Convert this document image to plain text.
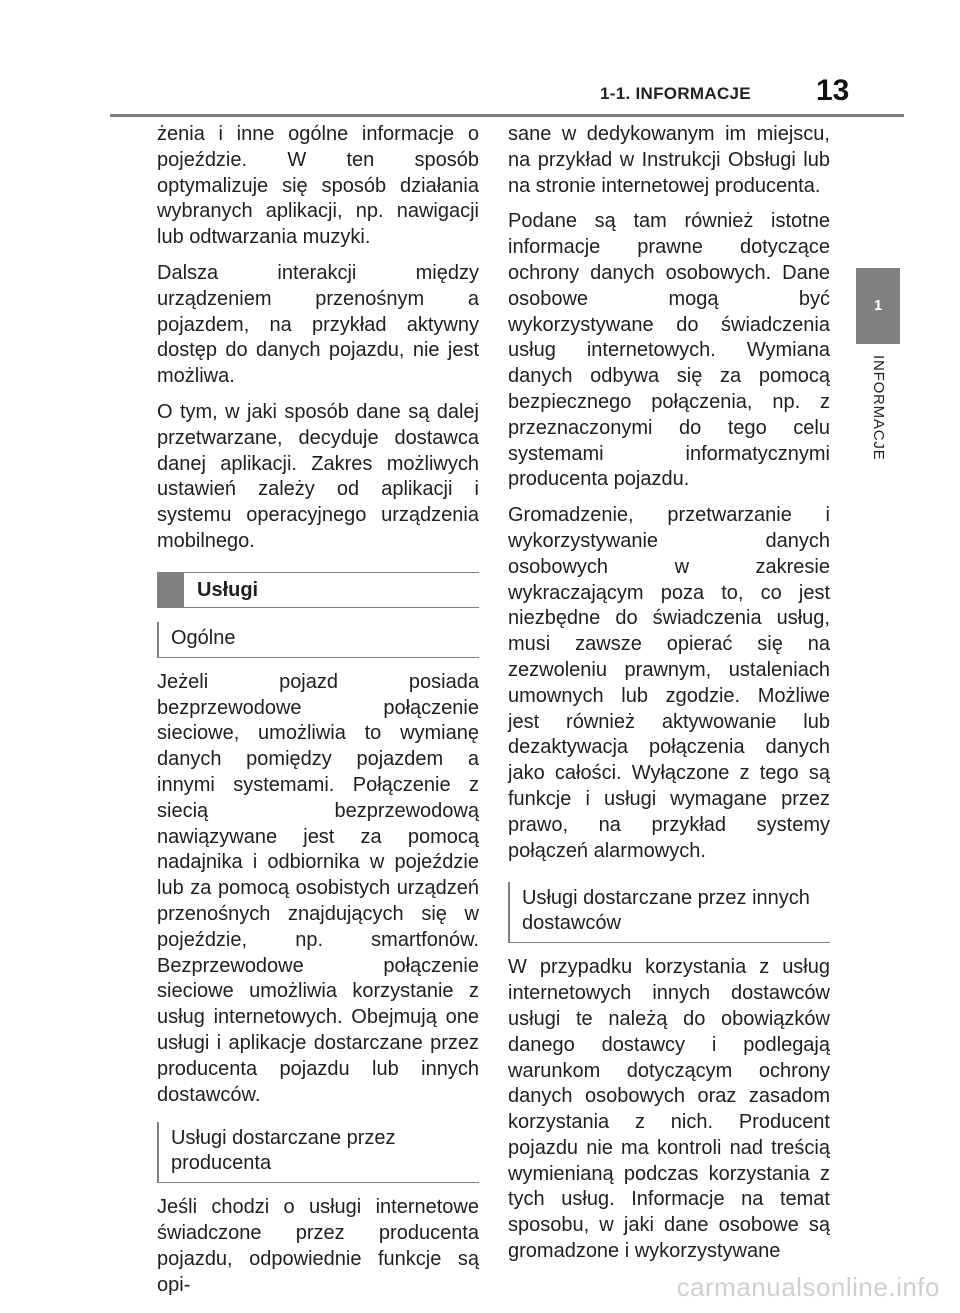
1-1. INFORMACJE 13
1
INFORMACJE

żenia i inne ogólne informacje o pojeździe. W ten sposób optymalizuje się sposób działania wybranych aplikacji, np. nawigacji lub odtwarzania muzyki.

Dalsza interakcji między urządzeniem przenośnym a pojazdem, na przykład aktywny dostęp do danych pojazdu, nie jest możliwa.

O tym, w jaki sposób dane są dalej przetwarzane, decyduje dostawca danej aplikacji. Zakres możliwych ustawień zależy od aplikacji i systemu operacyjnego urządzenia mobilnego.

Usługi
Ogólne

Jeżeli pojazd posiada bezprzewodowe połączenie sieciowe, umożliwia to wymianę danych pomiędzy pojazdem a innymi systemami. Połączenie z siecią bezprzewodową nawiązywane jest za pomocą nadajnika i odbiornika w pojeździe lub za pomocą osobistych urządzeń przenośnych znajdujących się w pojeździe, np. smartfonów. Bezprzewodowe połączenie sieciowe umożliwia korzystanie z usług internetowych. Obejmują one usługi i aplikacje dostarczane przez producenta pojazdu lub innych dostawców.

Usługi dostarczane przez producenta

Jeśli chodzi o usługi internetowe świadczone przez producenta pojazdu, odpowiednie funkcje są opi-

sane w dedykowanym im miejscu, na przykład w Instrukcji Obsługi lub na stronie internetowej producenta.

Podane są tam również istotne informacje prawne dotyczące ochrony danych osobowych. Dane osobowe mogą być wykorzystywane do świadczenia usług internetowych. Wymiana danych odbywa się za pomocą bezpiecznego połączenia, np. z przeznaczonymi do tego celu systemami informatycznymi producenta pojazdu.

Gromadzenie, przetwarzanie i wykorzystywanie danych osobowych w zakresie wykraczającym poza to, co jest niezbędne do świadczenia usług, musi zawsze opierać się na zezwoleniu prawnym, ustaleniach umownych lub zgodzie. Możliwe jest również aktywowanie lub dezaktywacja połączenia danych jako całości. Wyłączone z tego są funkcje i usługi wymagane przez prawo, na przykład systemy połączeń alarmowych.

Usługi dostarczane przez innych dostawców

W przypadku korzystania z usług internetowych innych dostawców usługi te należą do obowiązków danego dostawcy i podlegają warunkom dotyczącym ochrony danych osobowych oraz zasadom korzystania z nich. Producent pojazdu nie ma kontroli nad treścią wymienianą podczas korzystania z tych usług. Informacje na temat sposobu, w jaki dane osobowe są gromadzone i wykorzystywane

carmanualsonline.info
